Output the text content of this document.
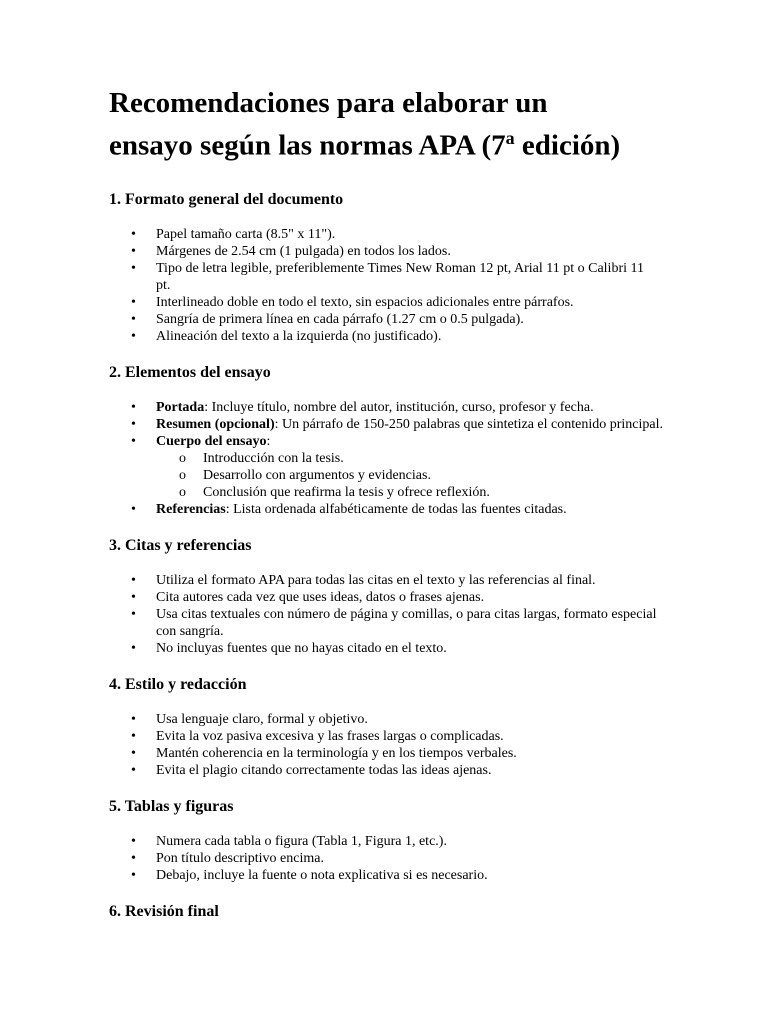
Recomendaciones para elaborar un
ensayo según las normas APA (7$^a$ edición)
1. Formato general del documento
• Papel tamaño carta (8.5" x 11").
• Márgenes de 2.54 cm (1 pulgada) en todos los lados.
• Tipo de letra legible, preferiblemente Times New Roman 12 pt, Arial 11 pt o Calibri 11 pt.
• Interlineado doble en todo el texto, sin espacios adicionales entre párrafos.
• Sangría de primera línea en cada párrafo (1.27 cm o 0.5 pulgada).
• Alineación del texto a la izquierda (no justificado).
2. Elementos del ensayo
• Portada: Incluye título, nombre del autor, institución, curso, profesor y fecha.
• Resumen (opcional): Un párrafo de 150-250 palabras que sintetiza el contenido principal.
• Cuerpo del ensayo:
o Introducción con la tesis.
o Desarrollo con argumentos y evidencias.
o Conclusión que reafirma la tesis y ofrece reflexión.
• Referencias: Lista ordenada alfabéticamente de todas las fuentes citadas.
3. Citas y referencias
• Utiliza el formato APA para todas las citas en el texto y las referencias al final.
• Cita autores cada vez que uses ideas, datos o frases ajenas.
• Usa citas textuales con número de página y comillas, o para citas largas, formato especial con sangría.
• No incluyas fuentes que no hayas citado en el texto.
4. Estilo y redacción
• Usa lenguaje claro, formal y objetivo.
• Evita la voz pasiva excesiva y las frases largas o complicadas.
• Mantén coherencia en la terminología y en los tiempos verbales.
• Evita el plagio citando correctamente todas las ideas ajenas.
5. Tablas y figuras
• Numera cada tabla o figura (Tabla 1, Figura 1, etc.).
• Pon título descriptivo encima.
• Debajo, incluye la fuente o nota explicativa si es necesario.
6. Revisión final
